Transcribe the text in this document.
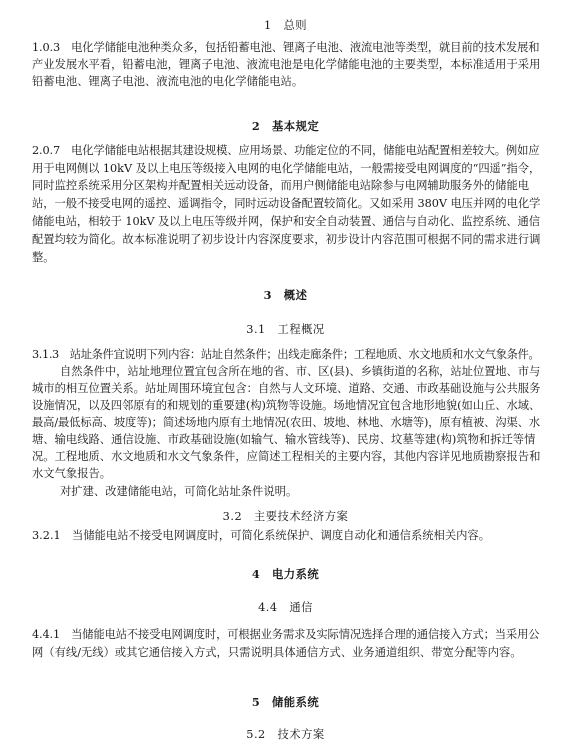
1　总则
1.0.3　电化学储能电池种类众多，包括铅蓄电池、锂离子电池、液流电池等类型，就目前的技术发展和
产业发展水平看，铅蓄电池，锂离子电池、液流电池是电化学储能电池的主要类型，本标准适用于采用
铅蓄电池、锂离子电池、液流电池的电化学储能电站。
2　基本规定
2.0.7　电化学储能电站根据其建设规模、应用场景、功能定位的不同，储能电站配置相差较大。例如应
用于电网侧以 10kV 及以上电压等级接入电网的电化学储能电站，一般需接受电网调度的“四遥”指令，
同时监控系统采用分区架构并配置相关远动设备，而用户侧储能电站除参与电网辅助服务外的储能电
站，一般不接受电网的遥控、遥调指令，同时远动设备配置较简化。又如采用 380V 电压并网的电化学
储能电站，相较于 10kV 及以上电压等级并网，保护和安全自动装置、通信与自动化、监控系统、通信
配置均较为简化。故本标准说明了初步设计内容深度要求，初步设计内容范围可根据不同的需求进行调
整。
3　概述
3.1　工程概况
3.1.3　站址条件宜说明下列内容：站址自然条件；出线走廊条件；工程地质、水文地质和水文气象条件。
自然条件中，站址地理位置宜包含所在地的省、市、区(县)、乡镇街道的名称，站址位置地、市与
城市的相互位置关系。站址周围环境宜包含：自然与人文环境、道路、交通、市政基础设施与公共服务
设施情况，以及四邻原有的和规划的重要建(构)筑物等设施。场地情况宜包含地形地貌(如山丘、水域、
最高/最低标高、坡度等)；简述场地内原有土地情况(农田、坡地、林地、水塘等)，原有植被、沟渠、水
塘、输电线路、通信设施、市政基础设施(如输气、输水管线等)、民房、坟墓等建(构)筑物和拆迁等情
况。工程地质、水文地质和水文气象条件，应简述工程相关的主要内容，其他内容详见地质勘察报告和
水文气象报告。
对扩建、改建储能电站，可简化站址条件说明。
3.2　主要技术经济方案
3.2.1　当储能电站不接受电网调度时，可简化系统保护、调度自动化和通信系统相关内容。
4　电力系统
4.4　通信
4.4.1　当储能电站不接受电网调度时，可根据业务需求及实际情况选择合理的通信接入方式；当采用公
网（有线/无线）或其它通信接入方式，只需说明具体通信方式、业务通道组织、带宽分配等内容。
5　储能系统
5.2　技术方案
